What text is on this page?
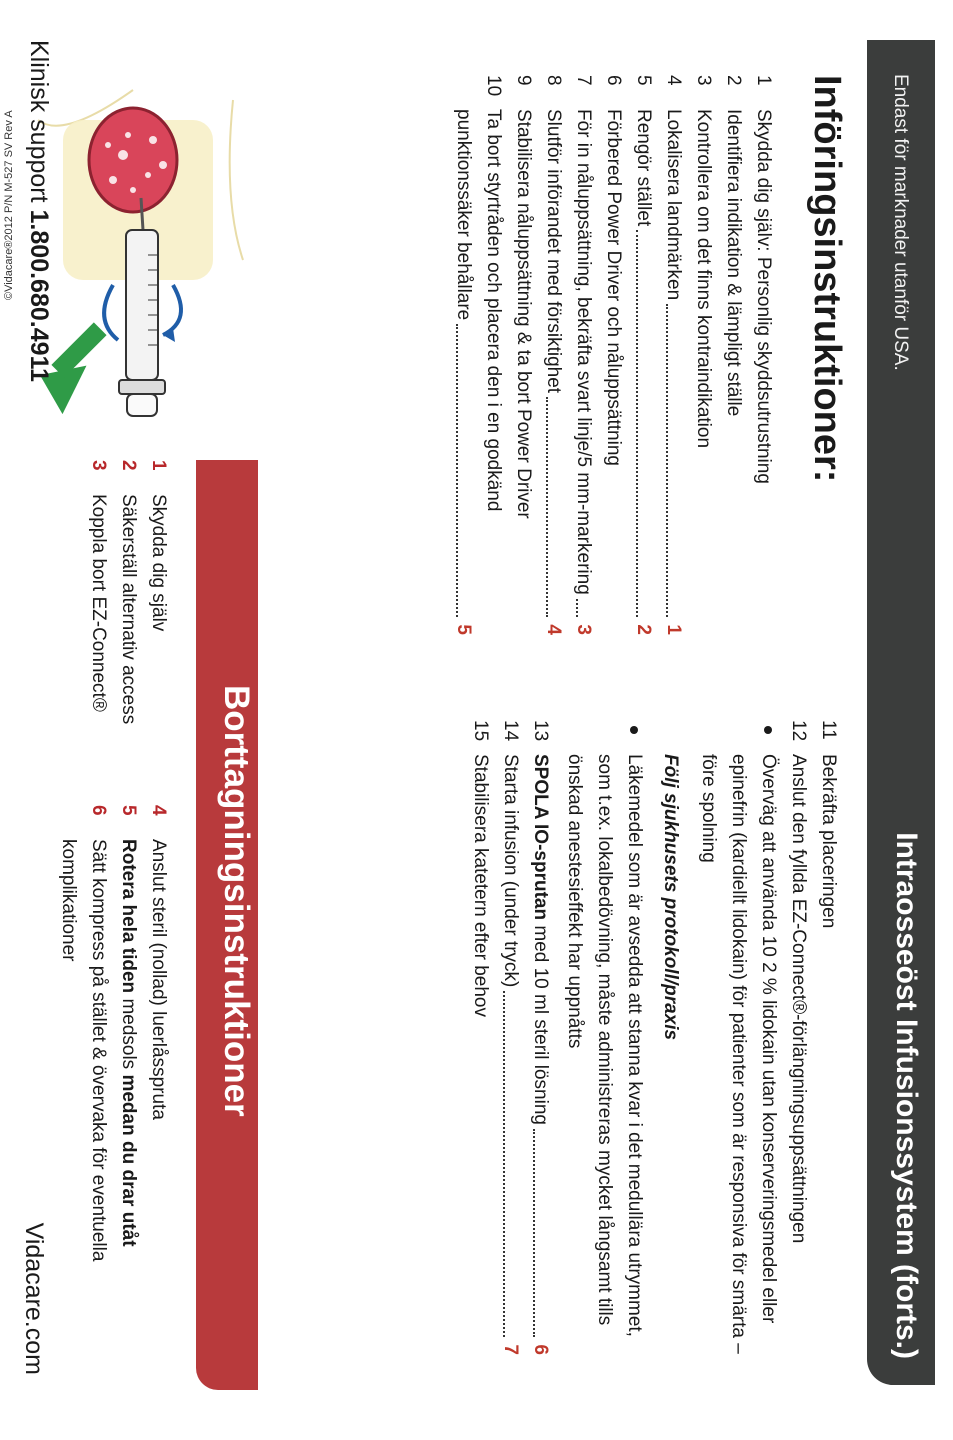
Endast för marknader utanför USA.
Intraosseöst Infusionssystem (forts.)
©Vidacare®2012 P/N M-527 SV Rev A	Införingsinstruktioner:
1
Skydda dig själv: Personlig skyddsutrustning
2
Identifiera indikation & lämpligt ställe
3
Kontrollera om det finns kontraindikation
4
Lokalisera landmärken
1
5
Rengör stället
2
6
Förbered Power Driver och nåluppsättning
7
För in nåluppsättning, bekräfta svart linje/5 mm-markering
3
8
Slutför införandet med försiktighet
4
9
Stabilisera nåluppsättning & ta bort Power Driver
10
Ta bort styrtråden och placera den i en godkänd
punktionssäker behållare
5
11
Bekräfta placeringen
12
Anslut den fyllda EZ-Connect®-förlängningsuppsättningen
Överväg att använda 10 2 % lidokain utan konserveringsmedel eller epinefrin (kardiellt lidokain) för patienter som är responsiva för smärta – före spolning
Följ sjukhusets protokoll/praxis
Läkemedel som är avsedda att stanna kvar i det medullära utrymmet, som t.ex. lokalbedövning, måste administreras mycket långsamt tills önskad anestesieffekt har uppnåtts
13
SPOLA IO-sprutan

med 10 ml steril lösning
6
14
Starta infusion (under tryck)
7
15
Stabilisera katetern efter behov
Borttagningsinstruktioner
1
Skydda dig själv
2
Säkerställ alternativ access
3
Koppla bort EZ-Connect®
4
Anslut steril (nollad) luerlåsspruta
5
Rotera hela tiden medsols medan du drar utåt
6
Sätt kompress på stället & övervaka för eventuella komplikationer
Klinisk support 1.800.680.4911
Vidacare.com
